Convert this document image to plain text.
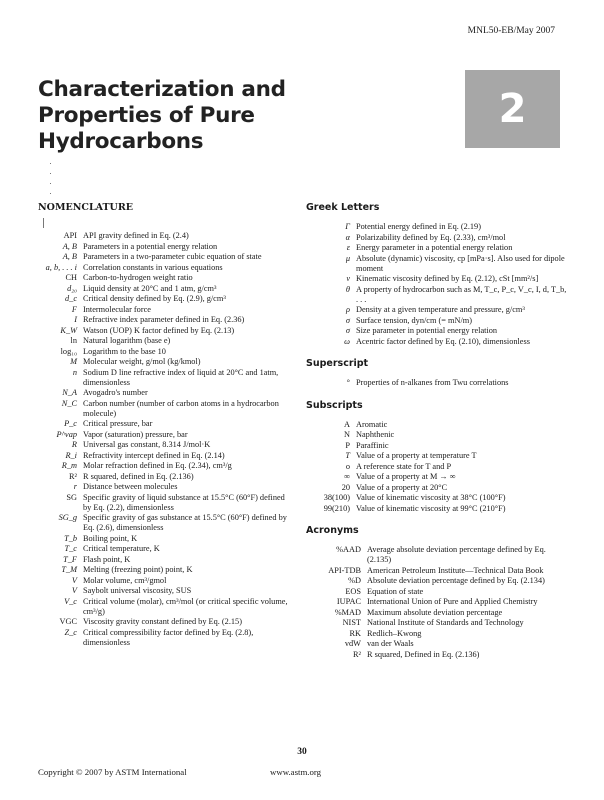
MNL50-EB/May 2007
Characterization and
Properties of Pure
Hydrocarbons
2
NOMENCLATURE
API API gravity defined in Eq. (2.4)
A, B Parameters in a potential energy relation
A, B Parameters in a two-parameter cubic equation of state
a, b, . . . i Correlation constants in various equations
CH Carbon-to-hydrogen weight ratio
d₂₀ Liquid density at 20°C and 1 atm, g/cm³
d_c Critical density defined by Eq. (2.9), g/cm³
F Intermolecular force
I Refractive index parameter defined in Eq. (2.36)
K_W Watson (UOP) K factor defined by Eq. (2.13)
ln Natural logarithm (base e)
log₁₀ Logarithm to the base 10
M Molecular weight, g/mol (kg/kmol)
n Sodium D line refractive index of liquid at 20°C and 1atm, dimensionless
N_A Avogadro's number
N_C Carbon number (number of carbon atoms in a hydrocarbon molecule)
P_c Critical pressure, bar
P^vap Vapor (saturation) pressure, bar
R Universal gas constant, 8.314 J/mol·K
R_i Refractivity intercept defined in Eq. (2.14)
R_m Molar refraction defined in Eq. (2.34), cm³/g
R² R squared, defined in Eq. (2.136)
r Distance between molecules
SG Specific gravity of liquid substance at 15.5°C (60°F) defined by Eq. (2.2), dimensionless
SG_g Specific gravity of gas substance at 15.5°C (60°F) defined by Eq. (2.6), dimensionless
T_b Boiling point, K
T_c Critical temperature, K
T_F Flash point, K
T_M Melting (freezing point) point, K
V Molar volume, cm³/gmol
V Saybolt universal viscosity, SUS
V_c Critical volume (molar), cm³/mol (or critical specific volume, cm³/g)
VGC Viscosity gravity constant defined by Eq. (2.15)
Z_c Critical compressibility factor defined by Eq. (2.8), dimensionless
Greek Letters
Γ Potential energy defined in Eq. (2.19)
α Polarizability defined by Eq. (2.33), cm³/mol
ε Energy parameter in a potential energy relation
μ Absolute (dynamic) viscosity, cp [mPa·s]. Also used for dipole moment
ν Kinematic viscosity defined by Eq. (2.12), cSt [mm²/s]
θ A property of hydrocarbon such as M, T_c, P_c, V_c, I, d, T_b, . . .
ρ Density at a given temperature and pressure, g/cm³
σ Surface tension, dyn/cm (= mN/m)
σ Size parameter in potential energy relation
ω Acentric factor defined by Eq. (2.10), dimensionless
Superscript
° Properties of n-alkanes from Twu correlations
Subscripts
A Aromatic
N Naphthenic
P Paraffinic
T Value of a property at temperature T
o A reference state for T and P
∞ Value of a property at M → ∞
20 Value of a property at 20°C
38(100) Value of kinematic viscosity at 38°C (100°F)
99(210) Value of kinematic viscosity at 99°C (210°F)
Acronyms
%AAD Average absolute deviation percentage defined by Eq. (2.135)
API-TDB American Petroleum Institute—Technical Data Book
%D Absolute deviation percentage defined by Eq. (2.134)
EOS Equation of state
IUPAC International Union of Pure and Applied Chemistry
%MAD Maximum absolute deviation percentage
NIST National Institute of Standards and Technology
RK Redlich–Kwong
vdW van der Waals
R² R squared, Defined in Eq. (2.136)
30
Copyright © 2007 by ASTM International	www.astm.org
